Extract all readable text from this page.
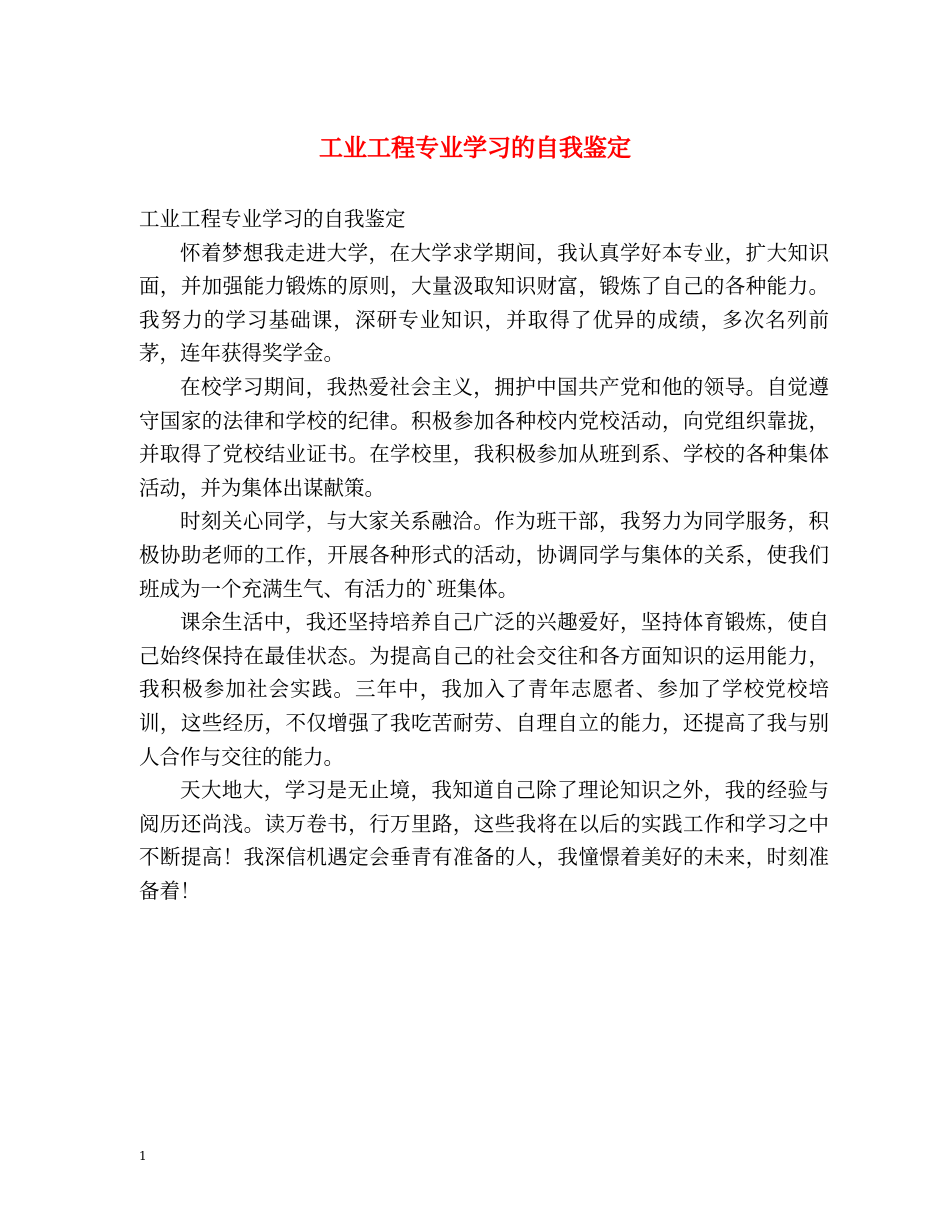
工业工程专业学习的自我鉴定

工业工程专业学习的自我鉴定

怀着梦想我走进大学，在大学求学期间，我认真学好本专业，扩大知识面，并加强能力锻炼的原则，大量汲取知识财富，锻炼了自己的各种能力。我努力的学习基础课，深研专业知识，并取得了优异的成绩，多次名列前茅，连年获得奖学金。

在校学习期间，我热爱社会主义，拥护中国共产党和他的领导。自觉遵守国家的法律和学校的纪律。积极参加各种校内党校活动，向党组织靠拢，并取得了党校结业证书。在学校里，我积极参加从班到系、学校的各种集体活动，并为集体出谋献策。

时刻关心同学，与大家关系融洽。作为班干部，我努力为同学服务，积极协助老师的工作，开展各种形式的活动，协调同学与集体的关系，使我们班成为一个充满生气、有活力的`班集体。

课余生活中，我还坚持培养自己广泛的兴趣爱好，坚持体育锻炼，使自己始终保持在最佳状态。为提高自己的社会交往和各方面知识的运用能力，我积极参加社会实践。三年中，我加入了青年志愿者、参加了学校党校培训，这些经历，不仅增强了我吃苦耐劳、自理自立的能力，还提高了我与别人合作与交往的能力。

天大地大，学习是无止境，我知道自己除了理论知识之外，我的经验与阅历还尚浅。读万卷书，行万里路，这些我将在以后的实践工作和学习之中不断提高！我深信机遇定会垂青有准备的人，我憧憬着美好的未来，时刻准备着！

1
